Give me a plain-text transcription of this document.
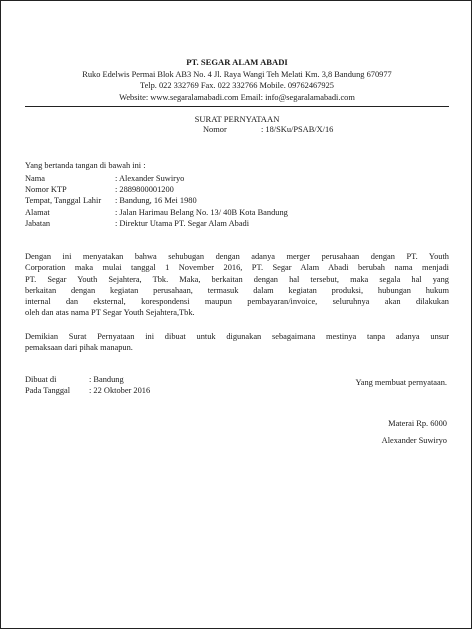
PT. SEGAR ALAM ABADI
Ruko Edelwis Permai Blok AB3 No. 4 Jl. Raya Wangi Teh Melati Km. 3,8 Bandung 670977
Telp. 022 332769 Fax. 022 332766 Mobile. 09762467925
Website: www.segaralamabadi.com Email: info@segaralamabadi.com
SURAT PERNYATAAN
Nomor	: 18/SKu/PSAB/X/16
Yang bertanda tangan di bawah ini :
Nama	: Alexander Suwiryo
Nomor KTP	: 2889800001200
Tempat, Tanggal Lahir : Bandung, 16 Mei 1980
Alamat	: Jalan Harimau Belang No. 13/ 40B Kota Bandung
Jabatan	: Direktur Utama PT. Segar Alam Abadi
Dengan ini menyatakan bahwa sehubugan dengan adanya merger perusahaan dengan PT. Youth
Corporation maka mulai tanggal 1 November 2016, PT. Segar Alam Abadi berubah nama menjadi
PT. Segar Youth Sejahtera, Tbk. Maka, berkaitan dengan hal tersebut, maka segala hal yang
berkaitan dengan kegiatan perusahaan, termasuk dalam kegiatan produksi, hubungan hukum
internal dan eksternal, korespondensi maupun pembayaran/invoice, seluruhnya akan dilakukan
oleh dan atas nama PT Segar Youth Sejahtera,Tbk.
Demikian Surat Pernyataan ini dibuat untuk digunakan sebagaimana mestinya tanpa adanya unsur
pemaksaan dari pihak manapun.
Dibuat di	: Bandung
Pada Tanggal : 22 Oktober 2016
Yang membuat pernyataan.
Materai Rp. 6000
Alexander Suwiryo
